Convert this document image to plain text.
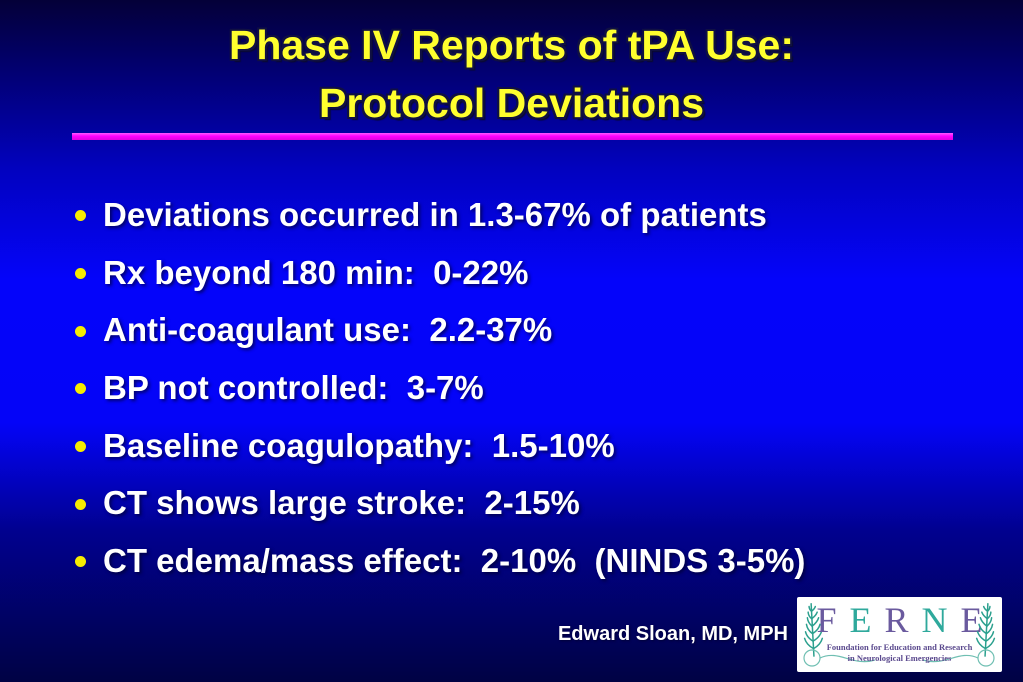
Phase IV Reports of tPA Use:
Protocol Deviations
Deviations occurred in 1.3-67% of patients
Rx beyond 180 min:  0-22%
Anti-coagulant use:  2.2-37%
BP not controlled:  3-7%
Baseline coagulopathy:  1.5-10%
CT shows large stroke:  2-15%
CT edema/mass effect:  2-10%  (NINDS 3-5%)
Edward Sloan, MD, MPH F E R N E
Foundation for Education and Research
in Neurological Emergencies
